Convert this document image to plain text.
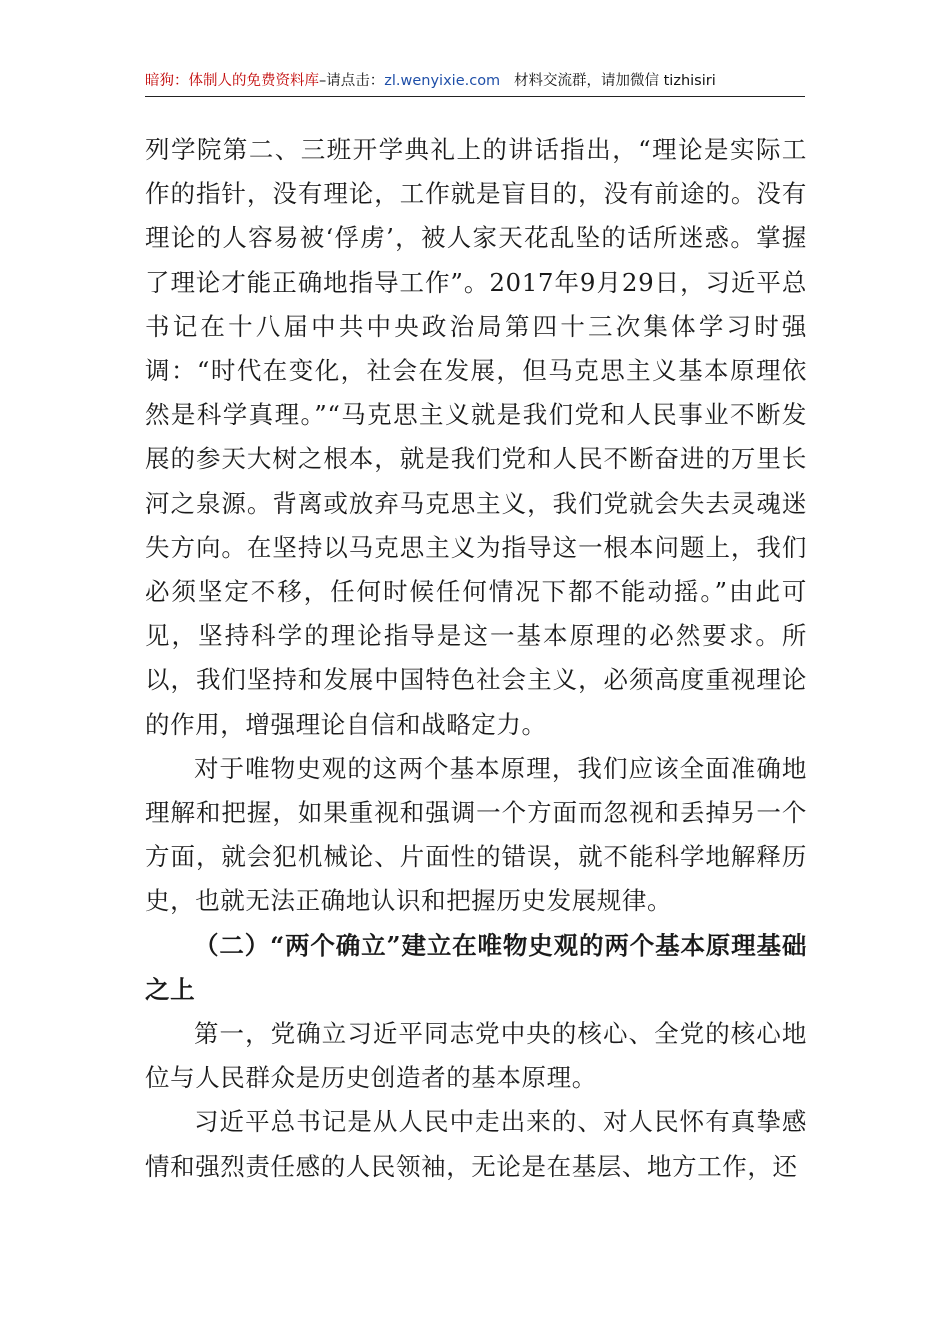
暗狗：体制人的免费资料库–请点击：zl.wenyixie.com 材料交流群，请加微信 tizhisiri

列学院第二、三班开学典礼上的讲话指出，“理论是实际工作的指针，没有理论，工作就是盲目的，没有前途的。没有理论的人容易被‘俘虏’，被人家天花乱坠的话所迷惑。掌握了理论才能正确地指导工作”。2017年9月29日，习近平总书记在十八届中共中央政治局第四十三次集体学习时强调：“时代在变化，社会在发展，但马克思主义基本原理依然是科学真理。”“马克思主义就是我们党和人民事业不断发展的参天大树之根本，就是我们党和人民不断奋进的万里长河之泉源。背离或放弃马克思主义，我们党就会失去灵魂迷失方向。在坚持以马克思主义为指导这一根本问题上，我们必须坚定不移，任何时候任何情况下都不能动摇。”由此可见，坚持科学的理论指导是这一基本原理的必然要求。所以，我们坚持和发展中国特色社会主义，必须高度重视理论的作用，增强理论自信和战略定力。

对于唯物史观的这两个基本原理，我们应该全面准确地理解和把握，如果重视和强调一个方面而忽视和丢掉另一个方面，就会犯机械论、片面性的错误，就不能科学地解释历史，也就无法正确地认识和把握历史发展规律。

（二）“两个确立”建立在唯物史观的两个基本原理基础之上

第一，党确立习近平同志党中央的核心、全党的核心地位与人民群众是历史创造者的基本原理。

习近平总书记是从人民中走出来的、对人民怀有真挚感情和强烈责任感的人民领袖，无论是在基层、地方工作，还
